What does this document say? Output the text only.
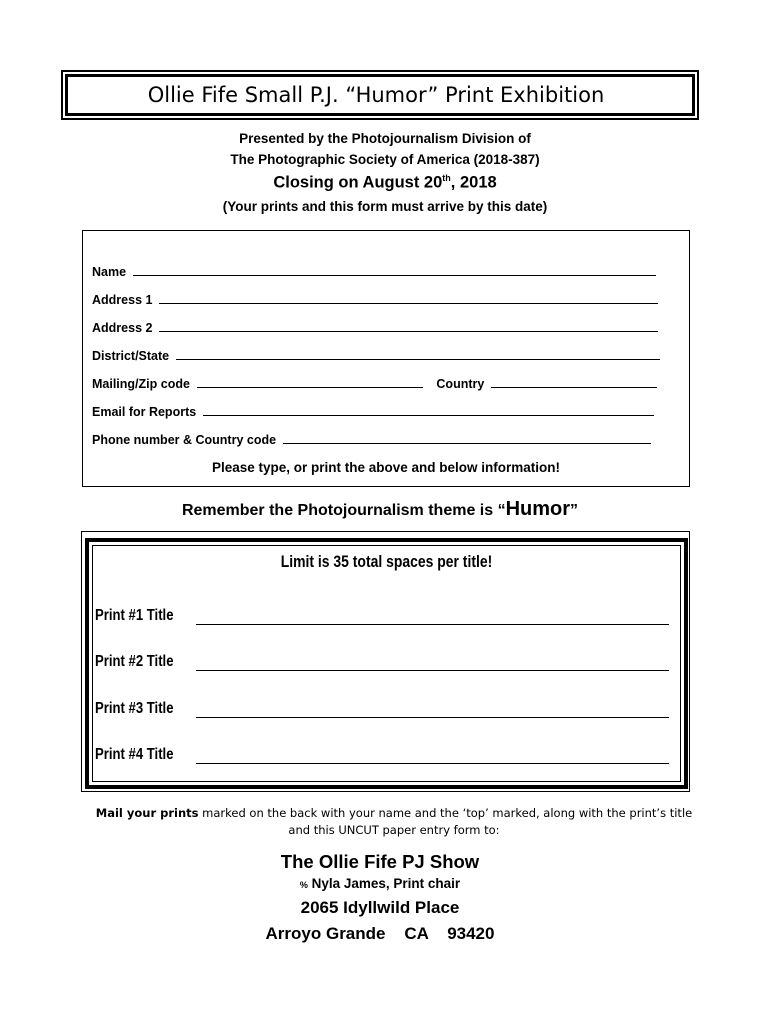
Ollie Fife Small P.J. “Humor” Print Exhibition
Presented by the Photojournalism Division of
The Photographic Society of America (2018-387)
Closing on August 20th, 2018
(Your prints and this form must arrive by this date)
Name
Address 1
Address 2
District/State
Mailing/Zip code	Country
Email for Reports
Phone number & Country code
Please type, or print the above and below information!
Remember the Photojournalism theme is “Humor”
Limit is 35 total spaces per title!
Print #1 Title
Print #2 Title
Print #3 Title
Print #4 Title
Mail your prints marked on the back with your name and the ‘top’ marked, along with the print’s title and this UNCUT paper entry form to:
The Ollie Fife PJ Show
% Nyla James, Print chair
2065 Idyllwild Place
Arroyo Grande    CA    93420
